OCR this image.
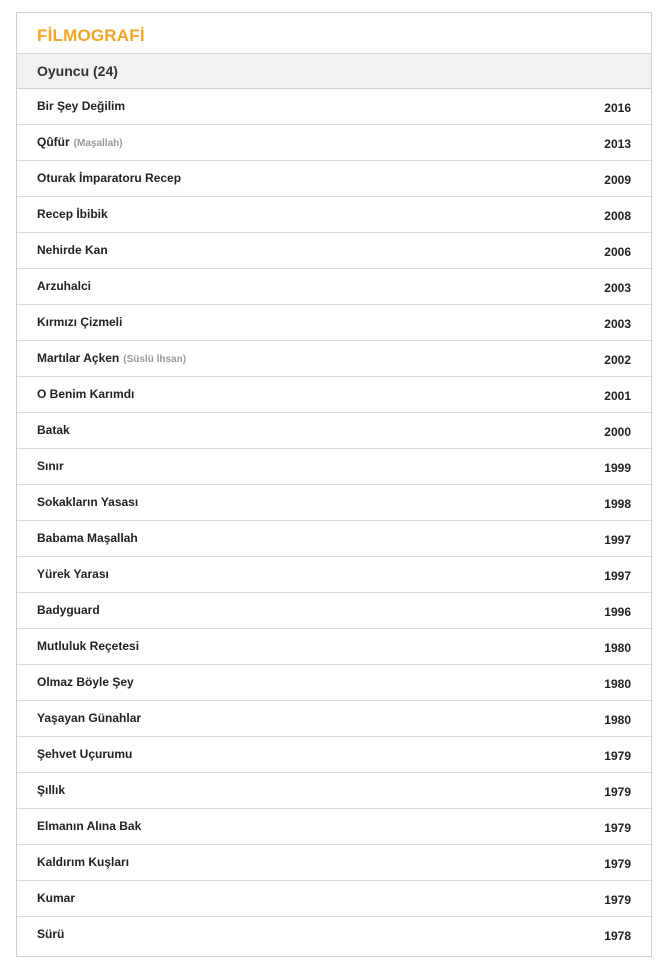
FİLMOGRAFİ
Oyuncu (24)
Bir Şey Değilim	2016
Qûfür (Maşallah)	2013
Oturak İmparatoru Recep	2009
Recep İbibik	2008
Nehirde Kan	2006
Arzuhalci	2003
Kırmızı Çizmeli	2003
Martılar Açken (Süslü İhsan)	2002
O Benim Karımdı	2001
Batak	2000
Sınır	1999
Sokakların Yasası	1998
Babama Maşallah	1997
Yürek Yarası	1997
Badyguard	1996
Mutluluk Reçetesi	1980
Olmaz Böyle Şey	1980
Yaşayan Günahlar	1980
Şehvet Uçurumu	1979
Şıllık	1979
Elmanın Alına Bak	1979
Kaldırım Kuşları	1979
Kumar	1979
Sürü	1978
